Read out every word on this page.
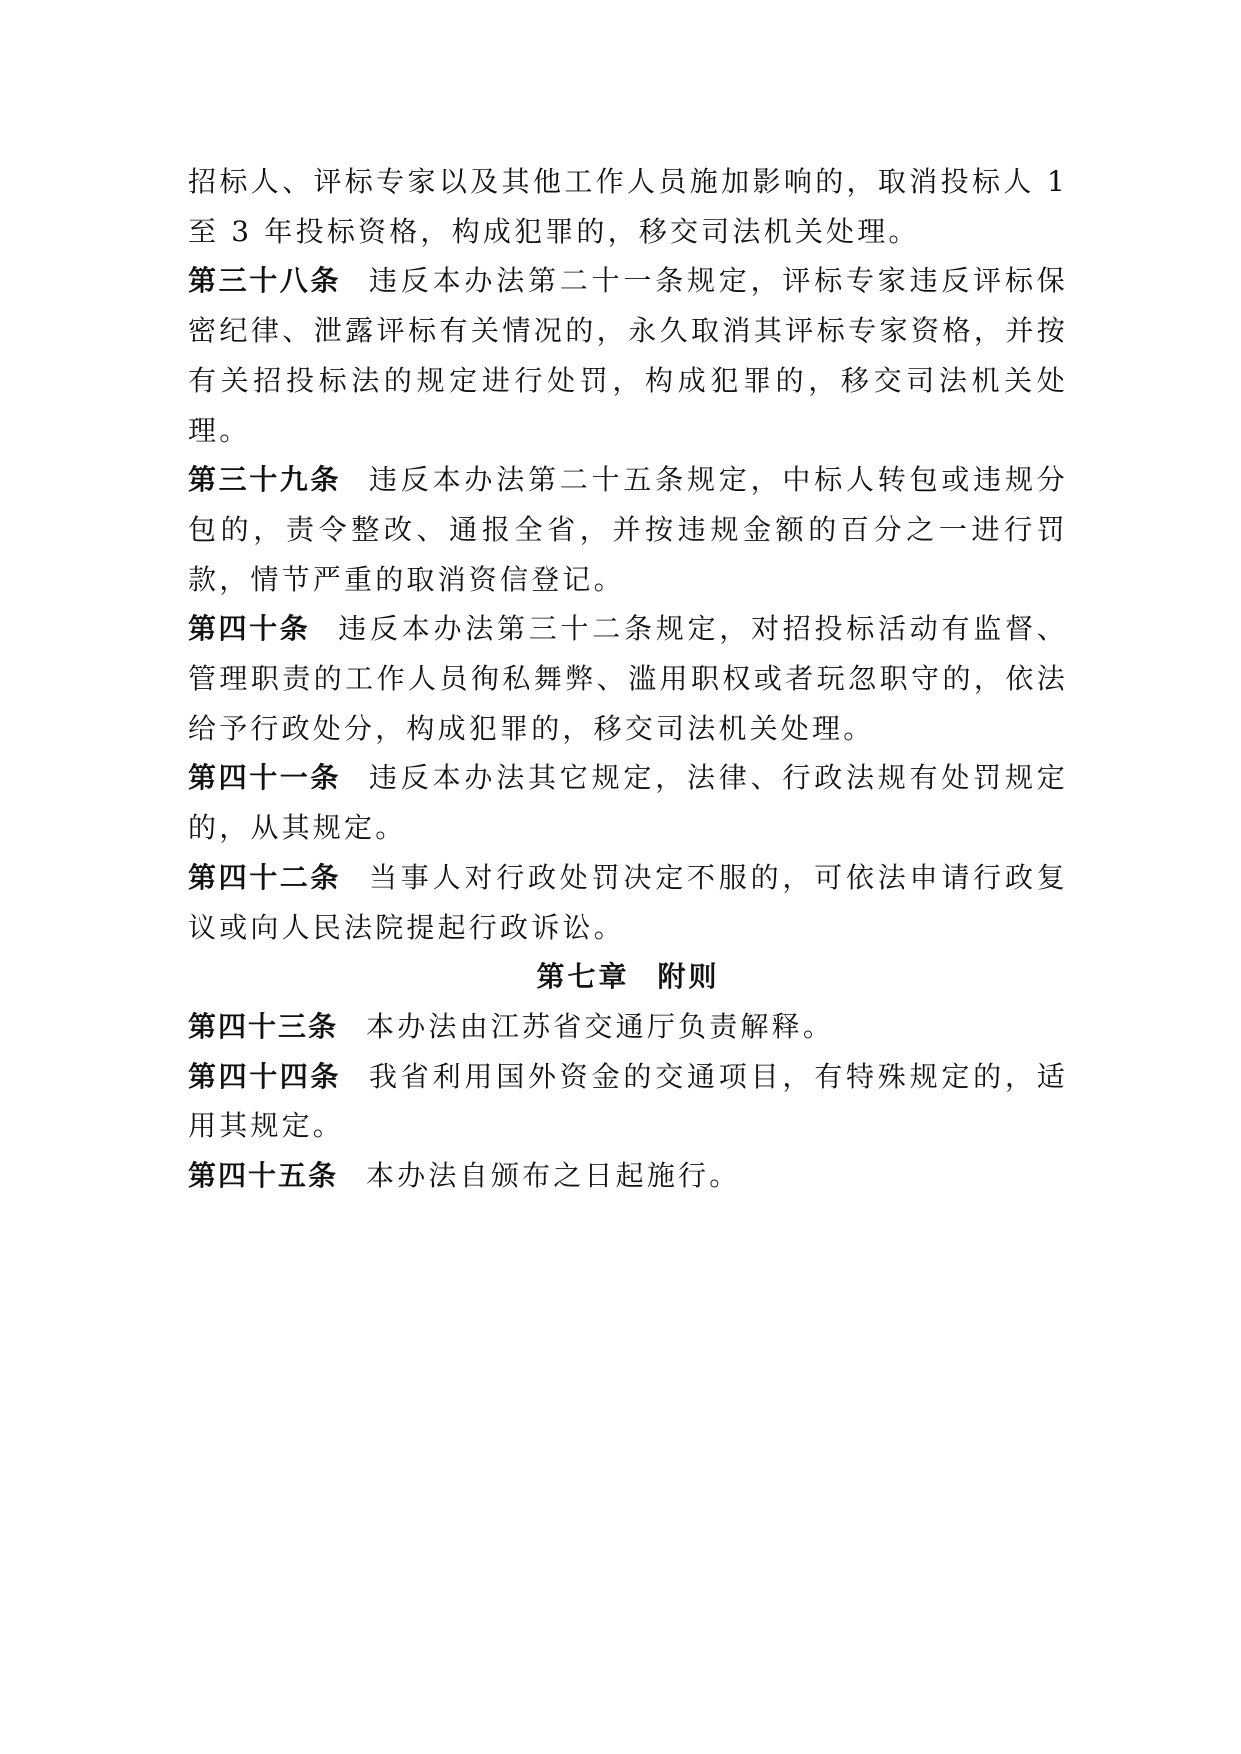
招标人、评标专家以及其他工作人员施加影响的，取消投标人 1 至 3 年投标资格，构成犯罪的，移交司法机关处理。

第三十八条 违反本办法第二十一条规定，评标专家违反评标保密纪律、泄露评标有关情况的，永久取消其评标专家资格，并按有关招投标法的规定进行处罚，构成犯罪的，移交司法机关处理。

第三十九条 违反本办法第二十五条规定，中标人转包或违规分包的，责令整改、通报全省，并按违规金额的百分之一进行罚款，情节严重的取消资信登记。

第四十条 违反本办法第三十二条规定，对招投标活动有监督、管理职责的工作人员徇私舞弊、滥用职权或者玩忽职守的，依法给予行政处分，构成犯罪的，移交司法机关处理。

第四十一条 违反本办法其它规定，法律、行政法规有处罚规定的，从其规定。

第四十二条 当事人对行政处罚决定不服的，可依法申请行政复议或向人民法院提起行政诉讼。

第七章 附则

第四十三条 本办法由江苏省交通厅负责解释。

第四十四条 我省利用国外资金的交通项目，有特殊规定的，适用其规定。

第四十五条 本办法自颁布之日起施行。
